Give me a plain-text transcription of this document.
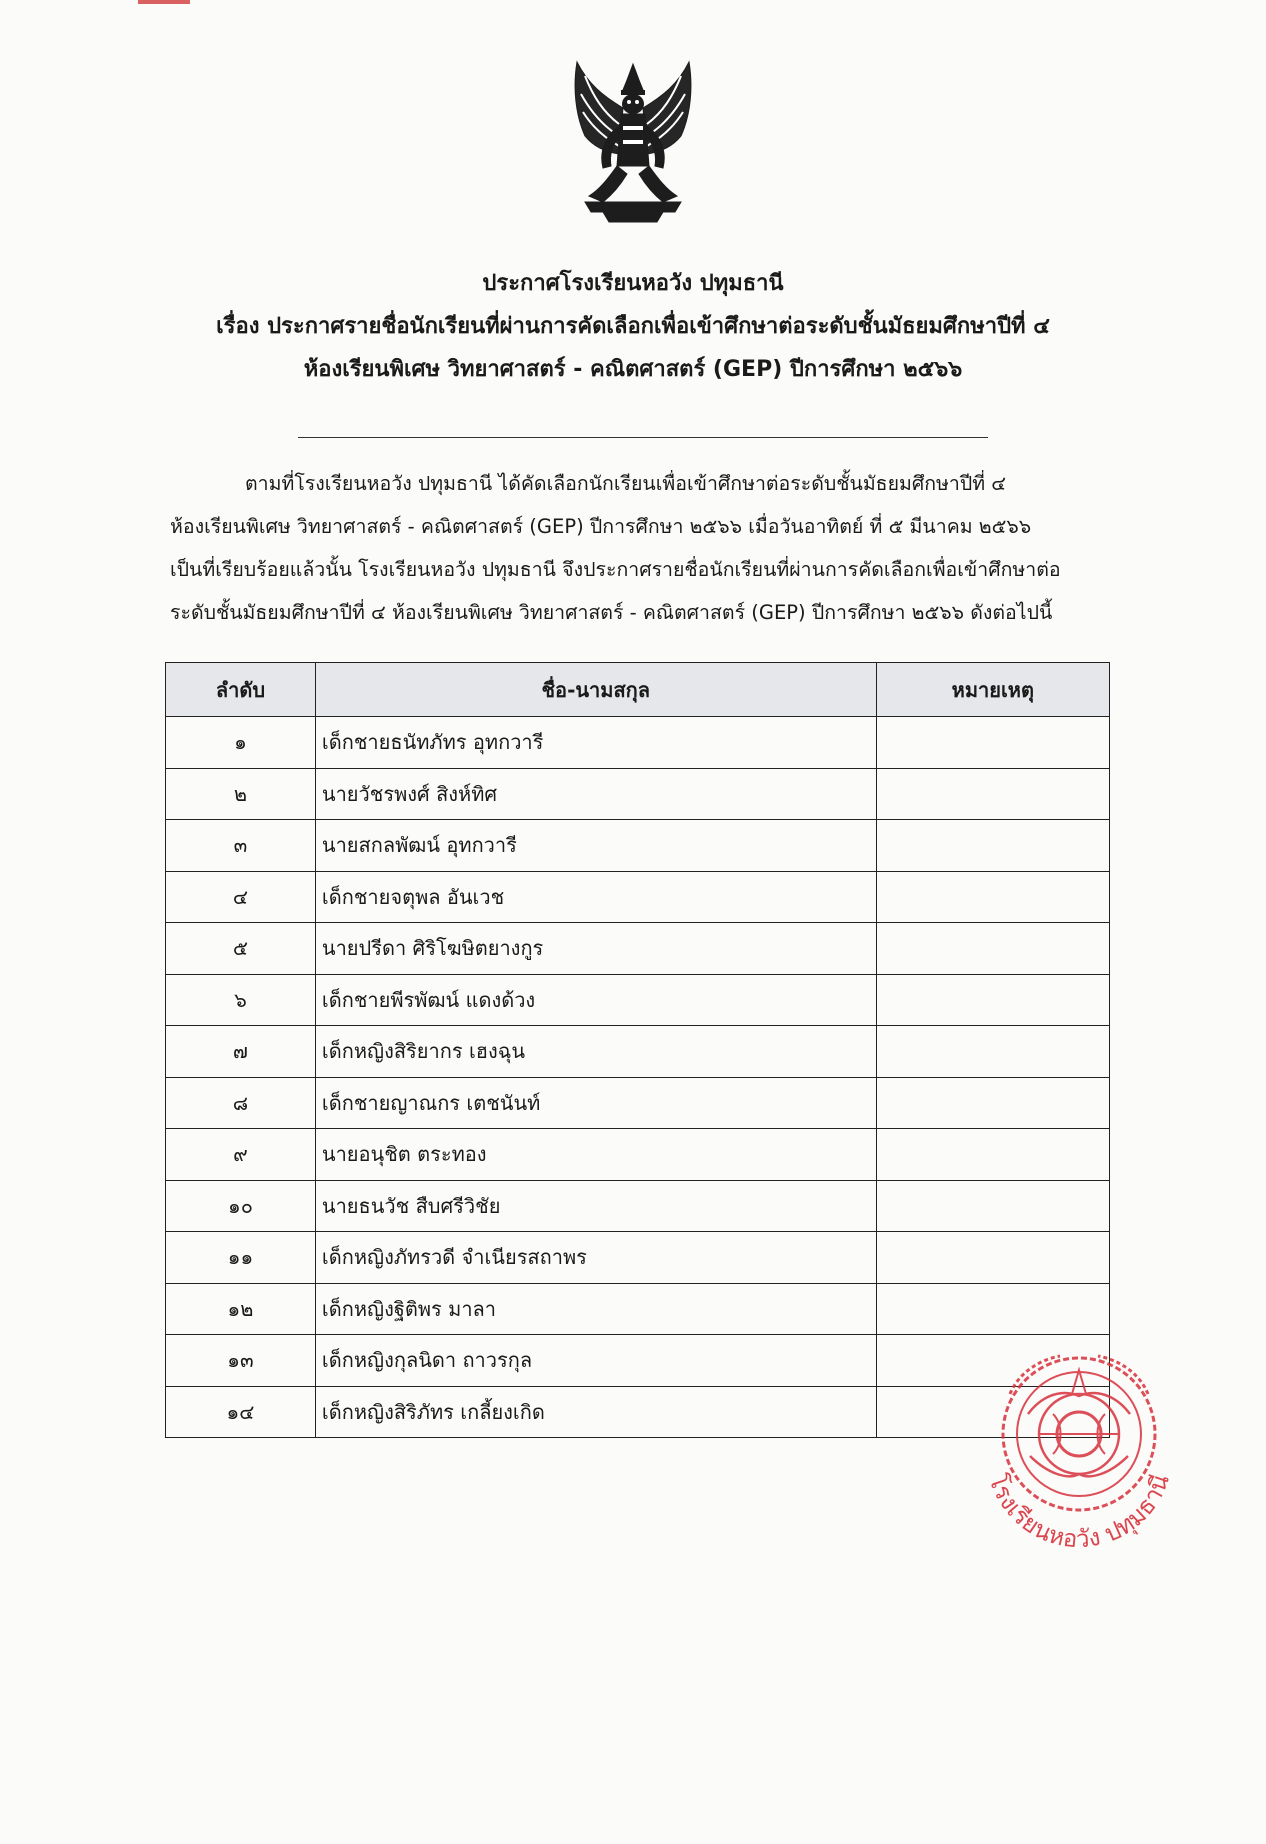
ประกาศโรงเรียนหอวัง ปทุมธานี
เรื่อง ประกาศรายชื่อนักเรียนที่ผ่านการคัดเลือกเพื่อเข้าศึกษาต่อระดับชั้นมัธยมศึกษาปีที่ ๔
ห้องเรียนพิเศษ วิทยาศาสตร์ - คณิตศาสตร์ (GEP) ปีการศึกษา ๒๕๖๖
ตามที่โรงเรียนหอวัง ปทุมธานี ได้คัดเลือกนักเรียนเพื่อเข้าศึกษาต่อระดับชั้นมัธยมศึกษาปีที่ ๔
ห้องเรียนพิเศษ วิทยาศาสตร์ - คณิตศาสตร์ (GEP) ปีการศึกษา ๒๕๖๖ เมื่อวันอาทิตย์ ที่ ๕ มีนาคม ๒๕๖๖
เป็นที่เรียบร้อยแล้วนั้น โรงเรียนหอวัง ปทุมธานี จึงประกาศรายชื่อนักเรียนที่ผ่านการคัดเลือกเพื่อเข้าศึกษาต่อ
ระดับชั้นมัธยมศึกษาปีที่ ๔ ห้องเรียนพิเศษ วิทยาศาสตร์ - คณิตศาสตร์ (GEP) ปีการศึกษา ๒๕๖๖ ดังต่อไปนี้
ลำดับ	ชื่อ-นามสกุล	หมายเหตุ
๑	เด็กชายธนัทภัทร อุทกวารี	
๒	นายวัชรพงศ์ สิงห์ทิศ	
๓	นายสกลพัฒน์ อุทกวารี	
๔	เด็กชายจตุพล อันเวช	
๕	นายปรีดา ศิริโฆษิตยางกูร	
๖	เด็กชายพีรพัฒน์ แดงด้วง	
๗	เด็กหญิงสิริยากร เฮงฉุน	
๘	เด็กชายญาณกร เตชนันท์	
๙	นายอนุชิต ตระทอง	
๑๐	นายธนวัช สืบศรีวิชัย	
๑๑	เด็กหญิงภัทรวดี จำเนียรสถาพร	
๑๒	เด็กหญิงฐิติพร มาลา	
๑๓	เด็กหญิงกุลนิดา ถาวรกุล	
๑๔	เด็กหญิงสิริภัทร เกลี้ยงเกิด	
โรงเรียนหอวัง ปทุมธานี
